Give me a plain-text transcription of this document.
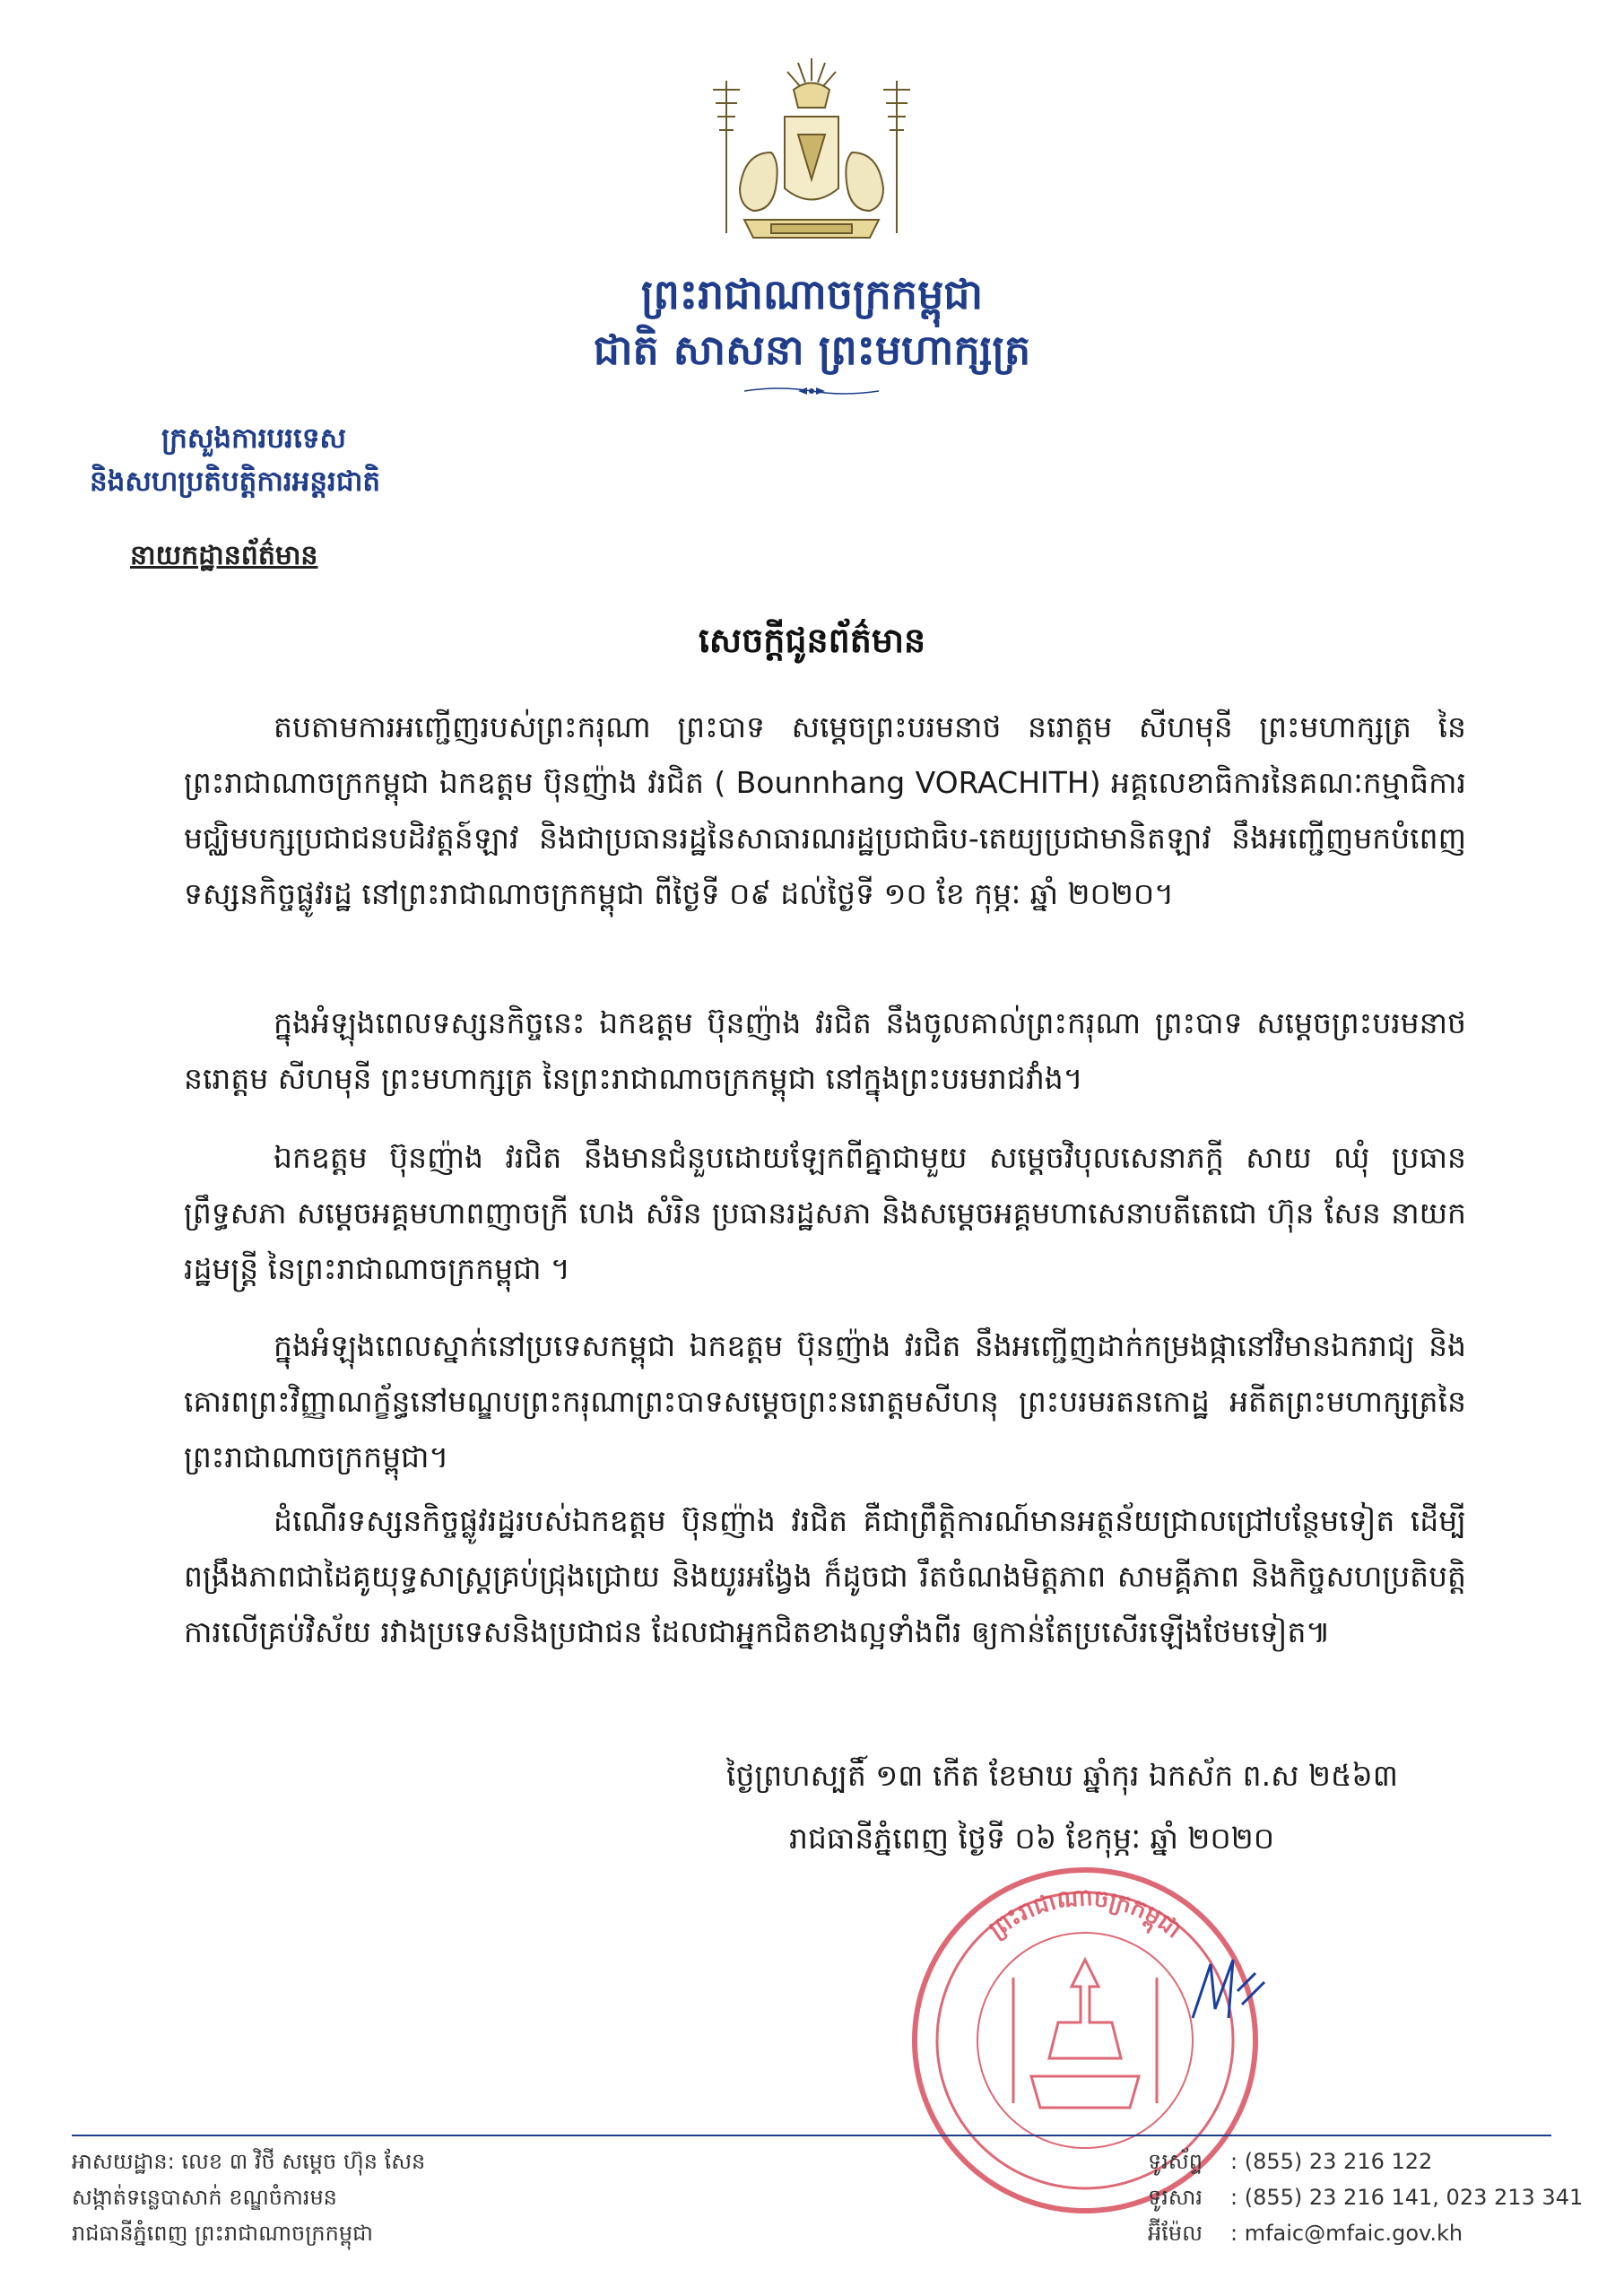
ព្រះរាជាណាចក្រកម្ពុជា
ជាតិ សាសនា ព្រះមហាក្សត្រ
ក្រសួងការបរទេស
និងសហប្រតិបត្តិការអន្តរជាតិ
នាយកដ្ឋានព័ត៌មាន
សេចក្តីជូនព័ត៌មាន
តបតាមការអញ្ជើញរបស់ព្រះករុណា ព្រះបាទ សម្តេចព្រះបរមនាថ នរោត្តម សីហមុនី ព្រះមហាក្សត្រ នៃព្រះរាជាណាចក្រកម្ពុជា ឯកឧត្តម ប៊ុនញ៉ាង វរជិត ( Bounnhang VORACHITH) អគ្គលេខាធិការនៃគណៈកម្មាធិការមជ្ឈិមបក្សប្រជាជនបដិវត្តន៍ឡាវ និងជាប្រធានរដ្ឋនៃសាធារណរដ្ឋប្រជាធិប-តេយ្យប្រជាមានិតឡាវ នឹងអញ្ជើញមកបំពេញទស្សនកិច្ចផ្លូវរដ្ឋ នៅព្រះរាជាណាចក្រកម្ពុជា ពីថ្ងៃទី ០៩ ដល់ថ្ងៃទី ១០ ខែ កុម្ភៈ ឆ្នាំ ២០២០។
ក្នុងអំឡុងពេលទស្សនកិច្ចនេះ ឯកឧត្តម ប៊ុនញ៉ាង វរជិត នឹងចូលគាល់ព្រះករុណា ព្រះបាទ សម្តេចព្រះបរមនាថ នរោត្តម សីហមុនី ព្រះមហាក្សត្រ នៃព្រះរាជាណាចក្រកម្ពុជា នៅក្នុងព្រះបរមរាជវាំង។
ឯកឧត្តម ប៊ុនញ៉ាង វរជិត នឹងមានជំនួបដោយឡែកពីគ្នាជាមួយ សម្តេចវិបុលសេនាភក្តី សាយ ឈុំ ប្រធានព្រឹទ្ធសភា សម្តេចអគ្គមហាពញាចក្រី ហេង សំរិន ប្រធានរដ្ឋសភា និងសម្តេចអគ្គមហាសេនាបតីតេជោ ហ៊ុន សែន នាយករដ្ឋមន្ត្រី នៃព្រះរាជាណាចក្រកម្ពុជា ។
ក្នុងអំឡុងពេលស្នាក់នៅប្រទេសកម្ពុជា ឯកឧត្តម ប៊ុនញ៉ាង វរជិត នឹងអញ្ជើញដាក់កម្រងផ្កានៅវិមានឯករាជ្យ និងគោរពព្រះវិញ្ញាណក្ខ័ន្ធនៅមណ្ឌបព្រះករុណាព្រះបាទសម្តេចព្រះនរោត្តមសីហនុ ព្រះបរមរតនកោដ្ឋ អតីតព្រះមហាក្សត្រនៃព្រះរាជាណាចក្រកម្ពុជា។
ដំណើរទស្សនកិច្ចផ្លូវរដ្ឋរបស់ឯកឧត្តម ប៊ុនញ៉ាង វរជិត គឺជាព្រឹត្តិការណ៍មានអត្ថន័យជ្រាលជ្រៅបន្ថែមទៀត ដើម្បីពង្រឹងភាពជាដៃគូយុទ្ធសាស្ត្រគ្រប់ជ្រុងជ្រោយ និងយូរអង្វែង ក៏ដូចជា រឹតចំណងមិត្តភាព សាមគ្គីភាព និងកិច្ចសហប្រតិបត្តិការលើគ្រប់វិស័យ រវាងប្រទេសនិងប្រជាជន ដែលជាអ្នកជិតខាងល្អទាំងពីរ ឲ្យកាន់តែប្រសើរឡើងថែមទៀត៕
ថ្ងៃព្រហស្បតិ៍ ១៣ កើត ខែមាឃ ឆ្នាំកុរ ឯកស័ក ព.ស ២៥៦៣
រាជធានីភ្នំពេញ ថ្ងៃទី ០៦ ខែកុម្ភៈ ឆ្នាំ ២០២០
ព្រះរាជាណាចក្រកម្ពុជា
អាសយដ្ឋាន: លេខ ៣ វិថី សម្តេច ហ៊ុន សែន
សង្កាត់ទន្លេបាសាក់ ខណ្ឌចំការមន
រាជធានីភ្នំពេញ ព្រះរាជាណាចក្រកម្ពុជា
ទូរស័ព្ទ : (855) 23 216 122
ទូរសារ : (855) 23 216 141, 023 213 341
អ៊ីម៉ែល : mfaic@mfaic.gov.kh
